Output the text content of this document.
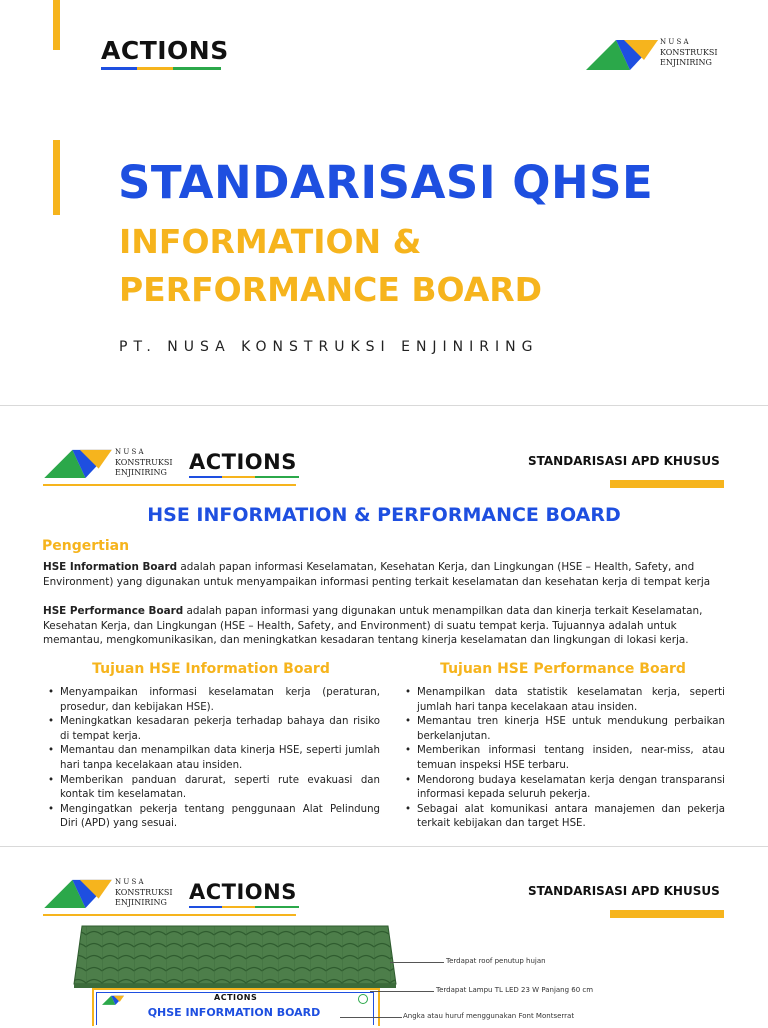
ACTIONS	N U S A
KONSTRUKSI
ENJINIRING
STANDARISASI QHSE
INFORMATION &
PERFORMANCE BOARD
PT. NUSA KONSTRUKSI ENJINIRING
N U S A
KONSTRUKSI
ENJINIRING ACTIONS	STANDARISASI APD KHUSUS
HSE INFORMATION & PERFORMANCE BOARD
Pengertian
HSE Information Board adalah papan informasi Keselamatan, Kesehatan Kerja, dan Lingkungan (HSE – Health, Safety, and Environment) yang digunakan untuk menyampaikan informasi penting terkait keselamatan dan kesehatan kerja di tempat kerja
HSE Performance Board adalah papan informasi yang digunakan untuk menampilkan data dan kinerja terkait Keselamatan, Kesehatan Kerja, dan Lingkungan (HSE – Health, Safety, and Environment) di suatu tempat kerja. Tujuannya adalah untuk memantau, mengkomunikasikan, dan meningkatkan kesadaran tentang kinerja keselamatan dan lingkungan di lokasi kerja.
Tujuan HSE Information Board
• Menyampaikan informasi keselamatan kerja (peraturan, prosedur, dan kebijakan HSE).
• Meningkatkan kesadaran pekerja terhadap bahaya dan risiko di tempat kerja.
• Memantau dan menampilkan data kinerja HSE, seperti jumlah hari tanpa kecelakaan atau insiden.
• Memberikan panduan darurat, seperti rute evakuasi dan kontak tim keselamatan.
• Mengingatkan pekerja tentang penggunaan Alat Pelindung Diri (APD) yang sesuai.
Tujuan HSE Performance Board
• Menampilkan data statistik keselamatan kerja, seperti jumlah hari tanpa kecelakaan atau insiden.
• Memantau tren kinerja HSE untuk mendukung perbaikan berkelanjutan.
• Memberikan informasi tentang insiden, near-miss, atau temuan inspeksi HSE terbaru.
• Mendorong budaya keselamatan kerja dengan transparansi informasi kepada seluruh pekerja.
• Sebagai alat komunikasi antara manajemen dan pekerja terkait kebijakan dan target HSE.
N U S A
KONSTRUKSI
ENJINIRING ACTIONS	STANDARISASI APD KHUSUS
ACTIONS
QHSE INFORMATION BOARD
Terdapat roof penutup hujan
Terdapat Lampu TL LED 23 W Panjang 60 cm
Angka atau huruf menggunakan Font Montserrat
